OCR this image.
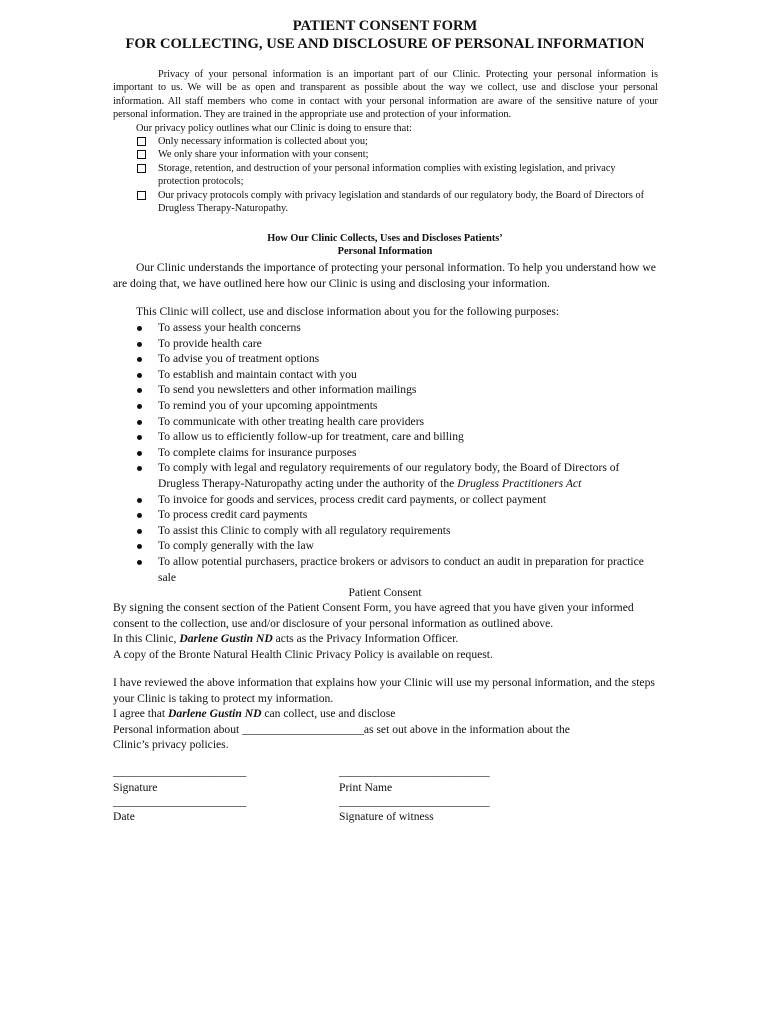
PATIENT CONSENT FORM
FOR COLLECTING, USE AND DISCLOSURE OF PERSONAL INFORMATION

Privacy of your personal information is an important part of our Clinic. Protecting your personal information is important to us. We will be as open and transparent as possible about the way we collect, use and disclose your personal information. All staff members who come in contact with your personal information are aware of the sensitive nature of your personal information. They are trained in the appropriate use and protection of your information.

Our privacy policy outlines what our Clinic is doing to ensure that:

Only necessary information is collected about you;
We only share your information with your consent;
Storage, retention, and destruction of your personal information complies with existing legislation, and privacy protection protocols;
Our privacy protocols comply with privacy legislation and standards of our regulatory body, the Board of Directors of Drugless Therapy-Naturopathy.

How Our Clinic Collects, Uses and Discloses Patients’

Personal Information

Our Clinic understands the importance of protecting your personal information. To help you understand how we are doing that, we have outlined here how our Clinic is using and disclosing your information.

This Clinic will collect, use and disclose information about you for the following purposes:

To assess your health concerns
To provide health care
To advise you of treatment options
To establish and maintain contact with you
To send you newsletters and other information mailings
To remind you of your upcoming appointments
To communicate with other treating health care providers
To allow us to efficiently follow-up for treatment, care and billing
To complete claims for insurance purposes
To comply with legal and regulatory requirements of our regulatory body, the Board of Directors of Drugless Therapy-Naturopathy acting under the authority of the Drugless Practitioners Act
To invoice for goods and services, process credit card payments, or collect payment
To process credit card payments
To assist this Clinic to comply with all regulatory requirements
To comply generally with the law
To allow potential purchasers, practice brokers or advisors to conduct an audit in preparation for practice sale

Patient Consent

By signing the consent section of the Patient Consent Form, you have agreed that you have given your informed consent to the collection, use and/or disclosure of your personal information as outlined above.
In this Clinic, Darlene Gustin ND acts as the Privacy Information Officer.
A copy of the Bronte Natural Health Clinic Privacy Policy is available on request.
I have reviewed the above information that explains how your Clinic will use my personal information, and the steps your Clinic is taking to protect my information.
I agree that Darlene Gustin ND can collect, use and disclose
Personal information about _____________________as set out above in the information about the
Clinic’s privacy policies.
_______________________
Signature
__________________________
Print Name
_______________________
Date
__________________________
Signature of witness
